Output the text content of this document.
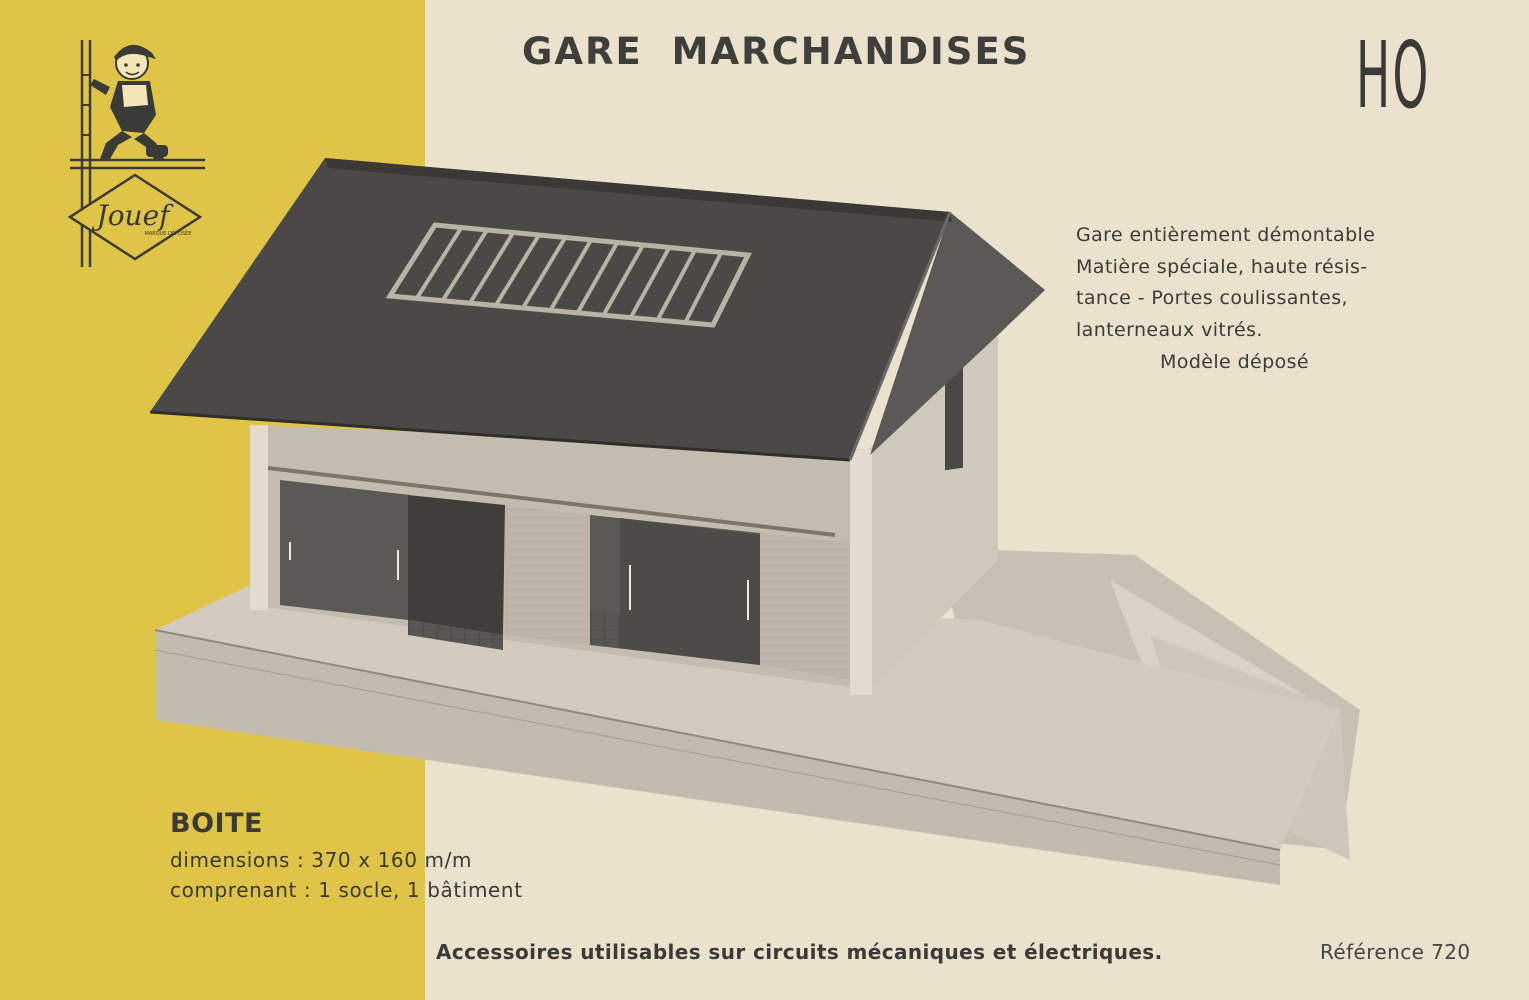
Jouef
MARQUE DÉPOSÉE
GARE MARCHANDISES	HO
Gare entièrement démontable
Matière spéciale, haute résis-
tance - Portes coulissantes,
lanterneaux vitrés.
Modèle déposé
BOITE
dimensions : 370 x 160 m/m
comprenant : 1 socle, 1 bâtiment
Accessoires utilisables sur circuits mécaniques et électriques.	Référence 720
